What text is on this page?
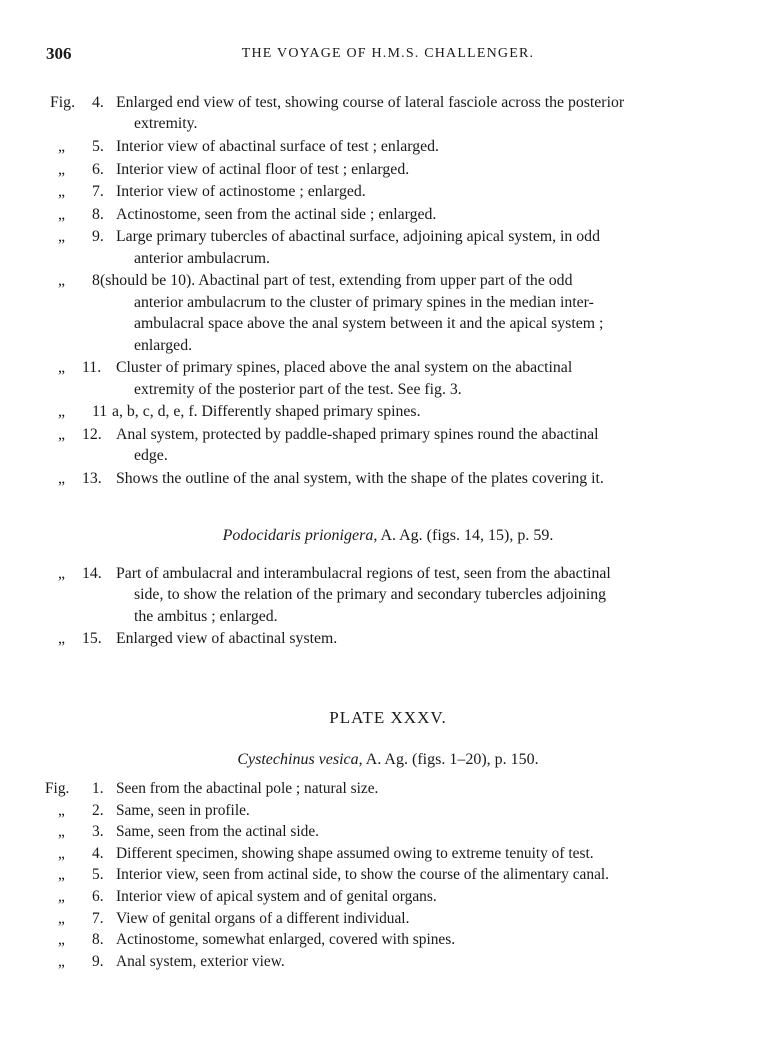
306	THE VOYAGE OF H.M.S. CHALLENGER.
Fig. 4. Enlarged end view of test, showing course of lateral fasciole across the posterior
extremity.
„ 5. Interior view of abactinal surface of test ; enlarged.
„ 6. Interior view of actinal floor of test ; enlarged.
„ 7. Interior view of actinostome ; enlarged.
„ 8. Actinostome, seen from the actinal side ; enlarged.
„ 9. Large primary tubercles of abactinal surface, adjoining apical system, in odd
anterior ambulacrum.
„ 8 (should be 10). Abactinal part of test, extending from upper part of the odd
anterior ambulacrum to the cluster of primary spines in the median inter-
ambulacral space above the anal system between it and the apical system ;
enlarged.
„ 11. Cluster of primary spines, placed above the anal system on the abactinal
extremity of the posterior part of the test. See fig. 3.
„ 11 a, b, c, d, e, f. Differently shaped primary spines.
„ 12. Anal system, protected by paddle-shaped primary spines round the abactinal
edge.
„ 13. Shows the outline of the anal system, with the shape of the plates covering it.
Podocidaris prionigera, A. Ag. (figs. 14, 15), p. 59.
„ 14. Part of ambulacral and interambulacral regions of test, seen from the abactinal
side, to show the relation of the primary and secondary tubercles adjoining
the ambitus ; enlarged.
„ 15. Enlarged view of abactinal system.
PLATE XXXV.
Cystechinus vesica, A. Ag. (figs. 1–20), p. 150.
Fig. 1. Seen from the abactinal pole ; natural size.
„ 2. Same, seen in profile.
„ 3. Same, seen from the actinal side.
„ 4. Different specimen, showing shape assumed owing to extreme tenuity of test.
„ 5. Interior view, seen from actinal side, to show the course of the alimentary canal.
„ 6. Interior view of apical system and of genital organs.
„ 7. View of genital organs of a different individual.
„ 8. Actinostome, somewhat enlarged, covered with spines.
„ 9. Anal system, exterior view.
